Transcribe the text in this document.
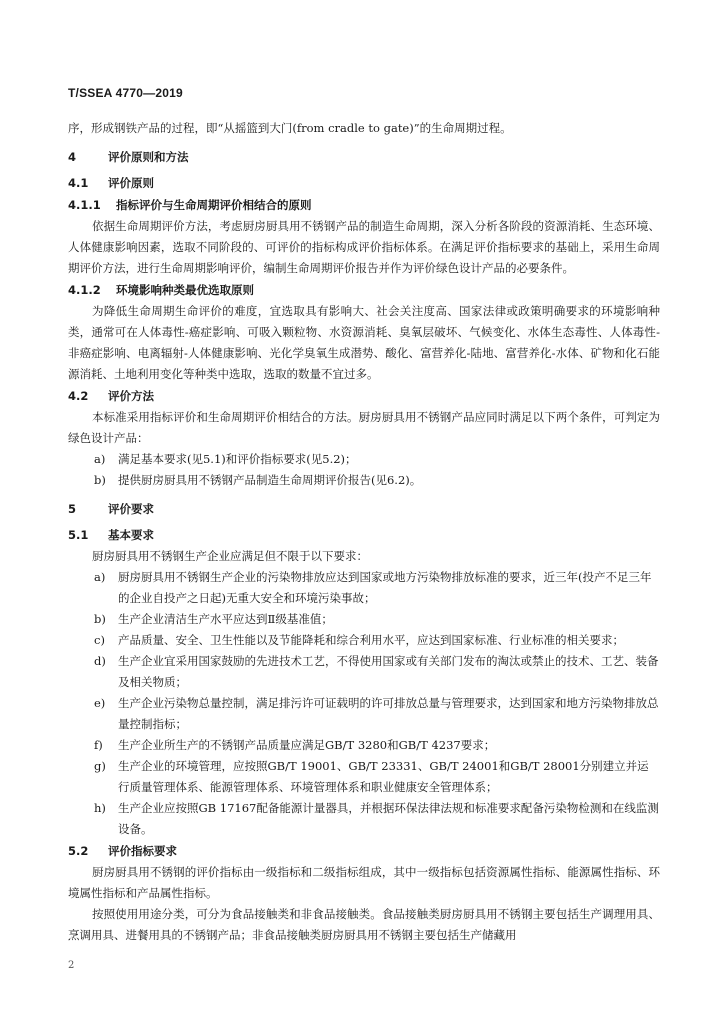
T/SSEA 4770—2019

序，形成钢铁产品的过程，即“从摇篮到大门(from cradle to gate)”的生命周期过程。

4	评价原则和方法
4.1 评价原则
4.1.1 指标评价与生命周期评价相结合的原则

依据生命周期评价方法，考虑厨房厨具用不锈钢产品的制造生命周期，深入分析各阶段的资源消耗、生态环境、人体健康影响因素，选取不同阶段的、可评价的指标构成评价指标体系。在满足评价指标要求的基础上，采用生命周期评价方法，进行生命周期影响评价，编制生命周期评价报告并作为评价绿色设计产品的必要条件。

4.1.2 环境影响种类最优选取原则

为降低生命周期生命评价的难度，宜选取具有影响大、社会关注度高、国家法律或政策明确要求的环境影响种类，通常可在人体毒性-癌症影响、可吸入颗粒物、水资源消耗、臭氧层破坏、气候变化、水体生态毒性、人体毒性-非癌症影响、电离辐射-人体健康影响、光化学臭氧生成潜势、酸化、富营养化-陆地、富营养化-水体、矿物和化石能源消耗、土地利用变化等种类中选取，选取的数量不宜过多。

4.2 评价方法

本标准采用指标评价和生命周期评价相结合的方法。厨房厨具用不锈钢产品应同时满足以下两个条件，可判定为绿色设计产品：

a) 满足基本要求(见5.1)和评价指标要求(见5.2)；
b) 提供厨房厨具用不锈钢产品制造生命周期评价报告(见6.2)。
5	评价要求
5.1 基本要求

厨房厨具用不锈钢生产企业应满足但不限于以下要求：

a) 厨房厨具用不锈钢生产企业的污染物排放应达到国家或地方污染物排放标准的要求，近三年(投产不足三年的企业自投产之日起)无重大安全和环境污染事故；
b) 生产企业清洁生产水平应达到Ⅱ级基准值；
c) 产品质量、安全、卫生性能以及节能降耗和综合利用水平，应达到国家标准、行业标准的相关要求；
d) 生产企业宜采用国家鼓励的先进技术工艺，不得使用国家或有关部门发布的淘汰或禁止的技术、工艺、装备及相关物质；
e) 生产企业污染物总量控制，满足排污许可证载明的许可排放总量与管理要求，达到国家和地方污染物排放总量控制指标；
f) 生产企业所生产的不锈钢产品质量应满足GB/T 3280和GB/T 4237要求；
g) 生产企业的环境管理，应按照GB/T 19001、GB/T 23331、GB/T 24001和GB/T 28001分别建立并运行质量管理体系、能源管理体系、环境管理体系和职业健康安全管理体系；
h) 生产企业应按照GB 17167配备能源计量器具，并根据环保法律法规和标准要求配备污染物检测和在线监测设备。
5.2 评价指标要求

厨房厨具用不锈钢的评价指标由一级指标和二级指标组成，其中一级指标包括资源属性指标、能源属性指标、环境属性指标和产品属性指标。

按照使用用途分类，可分为食品接触类和非食品接触类。食品接触类厨房厨具用不锈钢主要包括生产调理用具、烹调用具、进餐用具的不锈钢产品；非食品接触类厨房厨具用不锈钢主要包括生产储藏用

2
